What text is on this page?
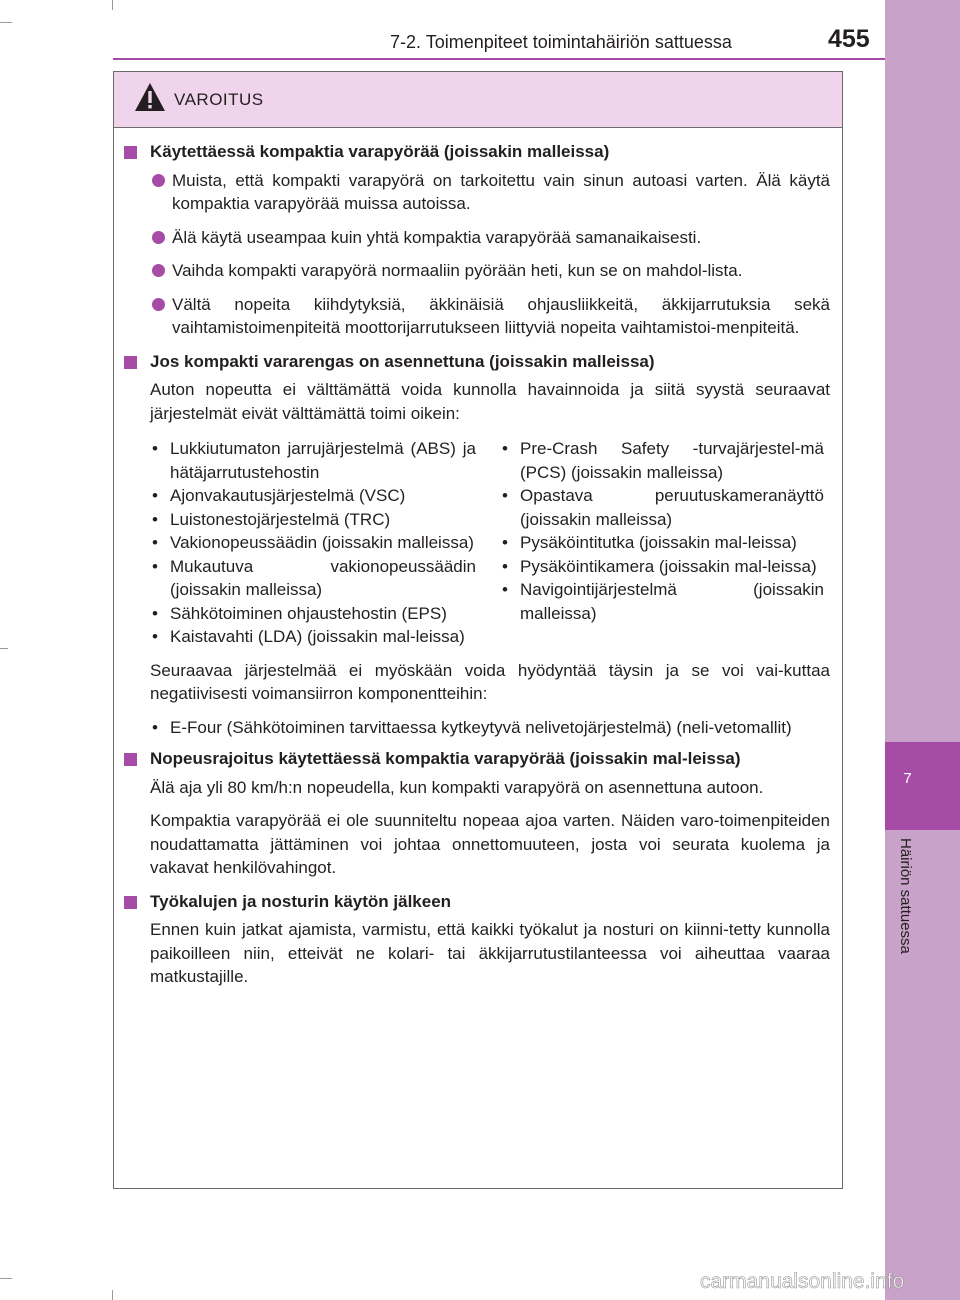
7
Häiriön sattuessa
7-2. Toimenpiteet toimintahäiriön sattuessa	455
VAROITUS
Käytettäessä kompaktia varapyörää (joissakin malleissa)
Muista, että kompakti varapyörä on tarkoitettu vain sinun autoasi varten. Älä käytä kompaktia varapyörää muissa autoissa.
Älä käytä useampaa kuin yhtä kompaktia varapyörää samanaikaisesti.
Vaihda kompakti varapyörä normaaliin pyörään heti, kun se on mahdol-lista.
Vältä nopeita kiihdytyksiä, äkkinäisiä ohjausliikkeitä, äkkijarrutuksia sekä vaihtamistoimenpiteitä moottorijarrutukseen liittyviä nopeita vaihtamistoi-menpiteitä.
Jos kompakti vararengas on asennettuna (joissakin malleissa)
Auton nopeutta ei välttämättä voida kunnolla havainnoida ja siitä syystä seuraavat järjestelmät eivät välttämättä toimi oikein:
• Lukkiutumaton jarrujärjestelmä (ABS) ja hätäjarrutustehostin
• Ajonvakautusjärjestelmä (VSC)
• Luistonestojärjestelmä (TRC)
• Vakionopeussäädin (joissakin malleissa)
• Mukautuva vakionopeussäädin (joissakin malleissa)
• Sähkötoiminen ohjaustehostin (EPS)
• Kaistavahti (LDA) (joissakin mal-leissa)
• Pre-Crash Safety -turvajärjestel-mä (PCS) (joissakin malleissa)
• Opastava peruutuskameranäyttö (joissakin malleissa)
• Pysäköintitutka (joissakin mal-leissa)
• Pysäköintikamera (joissakin mal-leissa)
• Navigointijärjestelmä (joissakin malleissa)
Seuraavaa järjestelmää ei myöskään voida hyödyntää täysin ja se voi vai-kuttaa negatiivisesti voimansiirron komponentteihin:
• E-Four (Sähkötoiminen tarvittaessa kytkeytyvä nelivetojärjestelmä) (neli-vetomallit)
Nopeusrajoitus käytettäessä kompaktia varapyörää (joissakin mal-leissa)
Älä aja yli 80 km/h:n nopeudella, kun kompakti varapyörä on asennettuna autoon.
Kompaktia varapyörää ei ole suunniteltu nopeaa ajoa varten. Näiden varo-toimenpiteiden noudattamatta jättäminen voi johtaa onnettomuuteen, josta voi seurata kuolema ja vakavat henkilövahingot.
Työkalujen ja nosturin käytön jälkeen
Ennen kuin jatkat ajamista, varmistu, että kaikki työkalut ja nosturi on kiinni-tetty kunnolla paikoilleen niin, etteivät ne kolari- tai äkkijarrutustilanteessa voi aiheuttaa vaaraa matkustajille.
carmanualsonline.info
